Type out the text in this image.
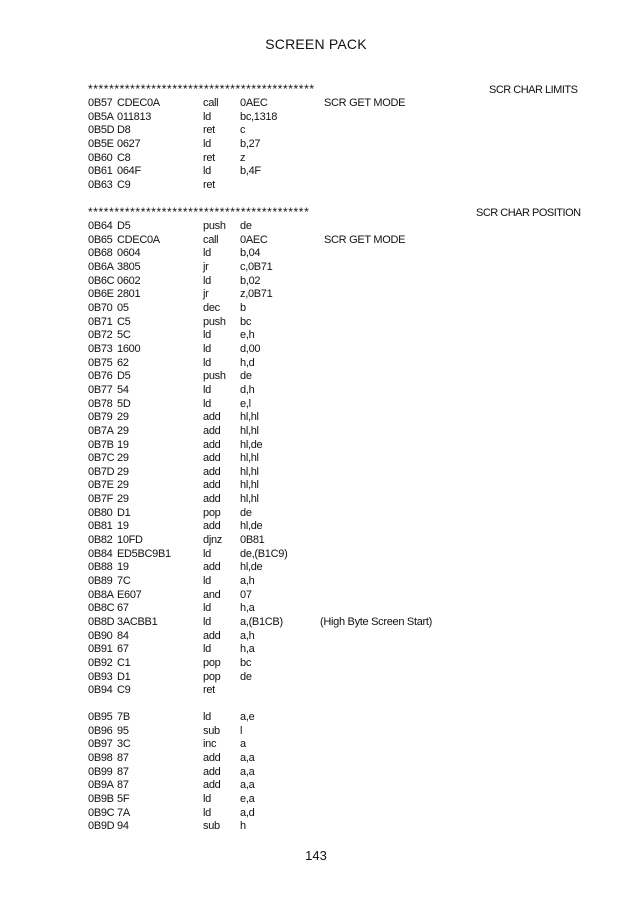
SCREEN PACK
*******************************************	SCR CHAR LIMITS
0B57 CDEC0A	call 0AEC	SCR GET MODE
0B5A 011813	ld	bc,1318
0B5D D8	ret c
0B5E 0627	ld	b,27
0B60 C8	ret z
0B61 064F	ld	b,4F
0B63 C9	ret
******************************************	SCR CHAR POSITION
0B64 D5	push de
0B65 CDEC0A	call 0AEC	SCR GET MODE
0B68 0604	ld	b,04
0B6A 3805	jr	c,0B71
0B6C 0602	ld	b,02
0B6E 2801	jr	z,0B71
0B70 05	dec b
0B71 C5	push bc
0B72 5C	ld	e,h
0B73 1600	ld	d,00
0B75 62	ld	h,d
0B76 D5	push de
0B77 54	ld	d,h
0B78 5D	ld	e,l
0B79 29	add hl,hl
0B7A 29	add hl,hl
0B7B 19	add hl,de
0B7C 29	add hl,hl
0B7D 29	add hl,hl
0B7E 29	add hl,hl
0B7F 29	add hl,hl
0B80 D1	pop de
0B81 19	add hl,de
0B82 10FD	djnz 0B81
0B84 ED5BC9B1	ld	de,(B1C9)
0B88 19	add hl,de
0B89 7C	ld	a,h
0B8A E607	and 07
0B8C 67	ld	h,a
0B8D 3ACBB1	ld	a,(B1CB)	(High Byte Screen Start)
0B90 84	add a,h
0B91 67	ld	h,a
0B92 C1	pop bc
0B93 D1	pop de
0B94 C9	ret
0B95 7B	ld	a,e
0B96 95	sub l
0B97 3C	inc a
0B98 87	add a,a
0B99 87	add a,a
0B9A 87	add a,a
0B9B 5F	ld	e,a
0B9C 7A	ld	a,d
0B9D 94	sub h
143
